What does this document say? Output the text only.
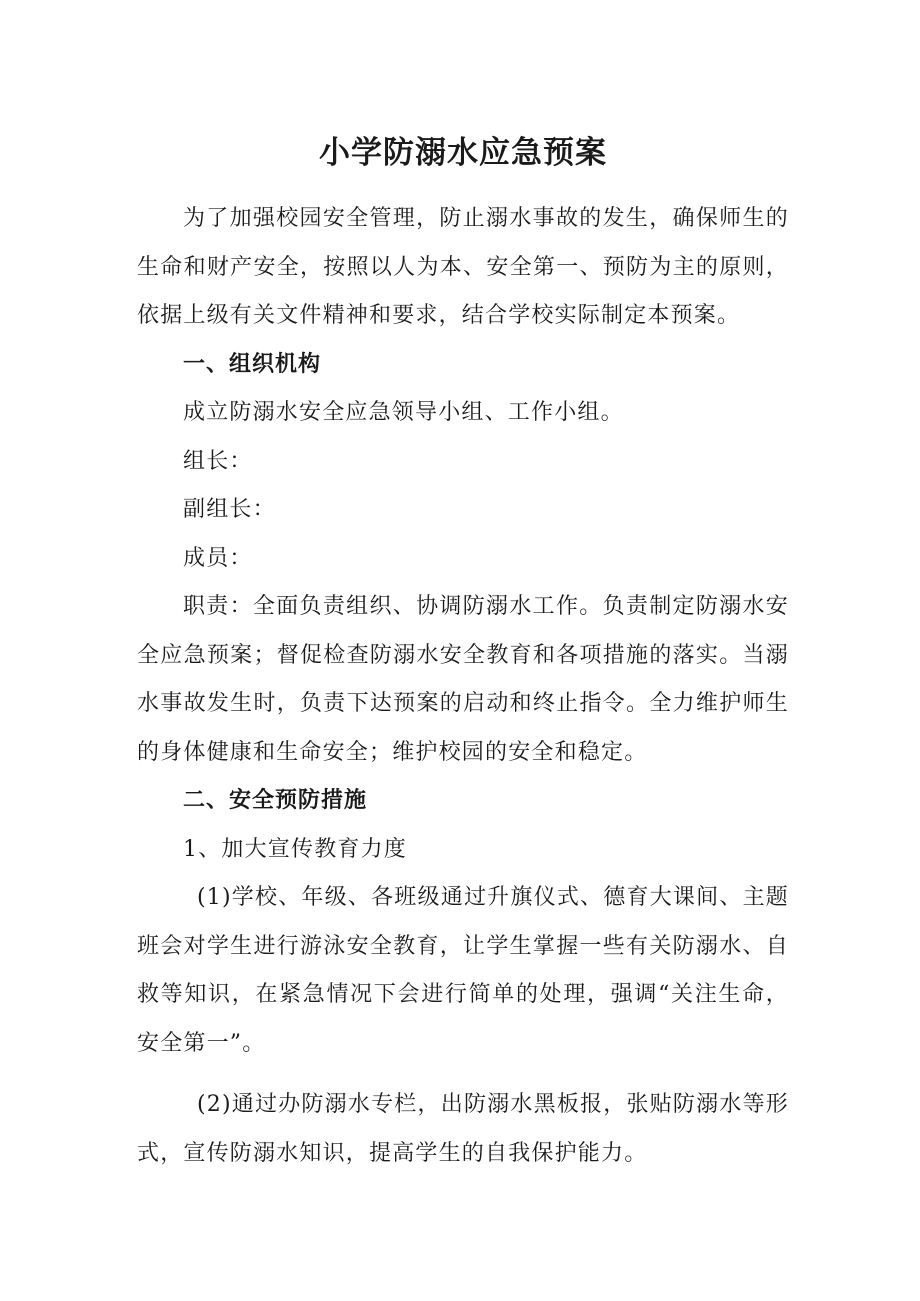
小学防溺水应急预案

为了加强校园安全管理，防止溺水事故的发生，确保师生的生命和财产安全，按照以人为本、安全第一、预防为主的原则，依据上级有关文件精神和要求，结合学校实际制定本预案。

一、组织机构

成立防溺水安全应急领导小组、工作小组。

组长：

副组长：

成员：

职责：全面负责组织、协调防溺水工作。负责制定防溺水安全应急预案；督促检查防溺水安全教育和各项措施的落实。当溺水事故发生时，负责下达预案的启动和终止指令。全力维护师生的身体健康和生命安全；维护校园的安全和稳定。

二、安全预防措施

1、加大宣传教育力度

(1)学校、年级、各班级通过升旗仪式、德育大课间、主题班会对学生进行游泳安全教育，让学生掌握一些有关防溺水、自救等知识，在紧急情况下会进行简单的处理，强调“关注生命，安全第一”。

(2)通过办防溺水专栏，出防溺水黑板报，张贴防溺水等形式，宣传防溺水知识，提高学生的自我保护能力。
